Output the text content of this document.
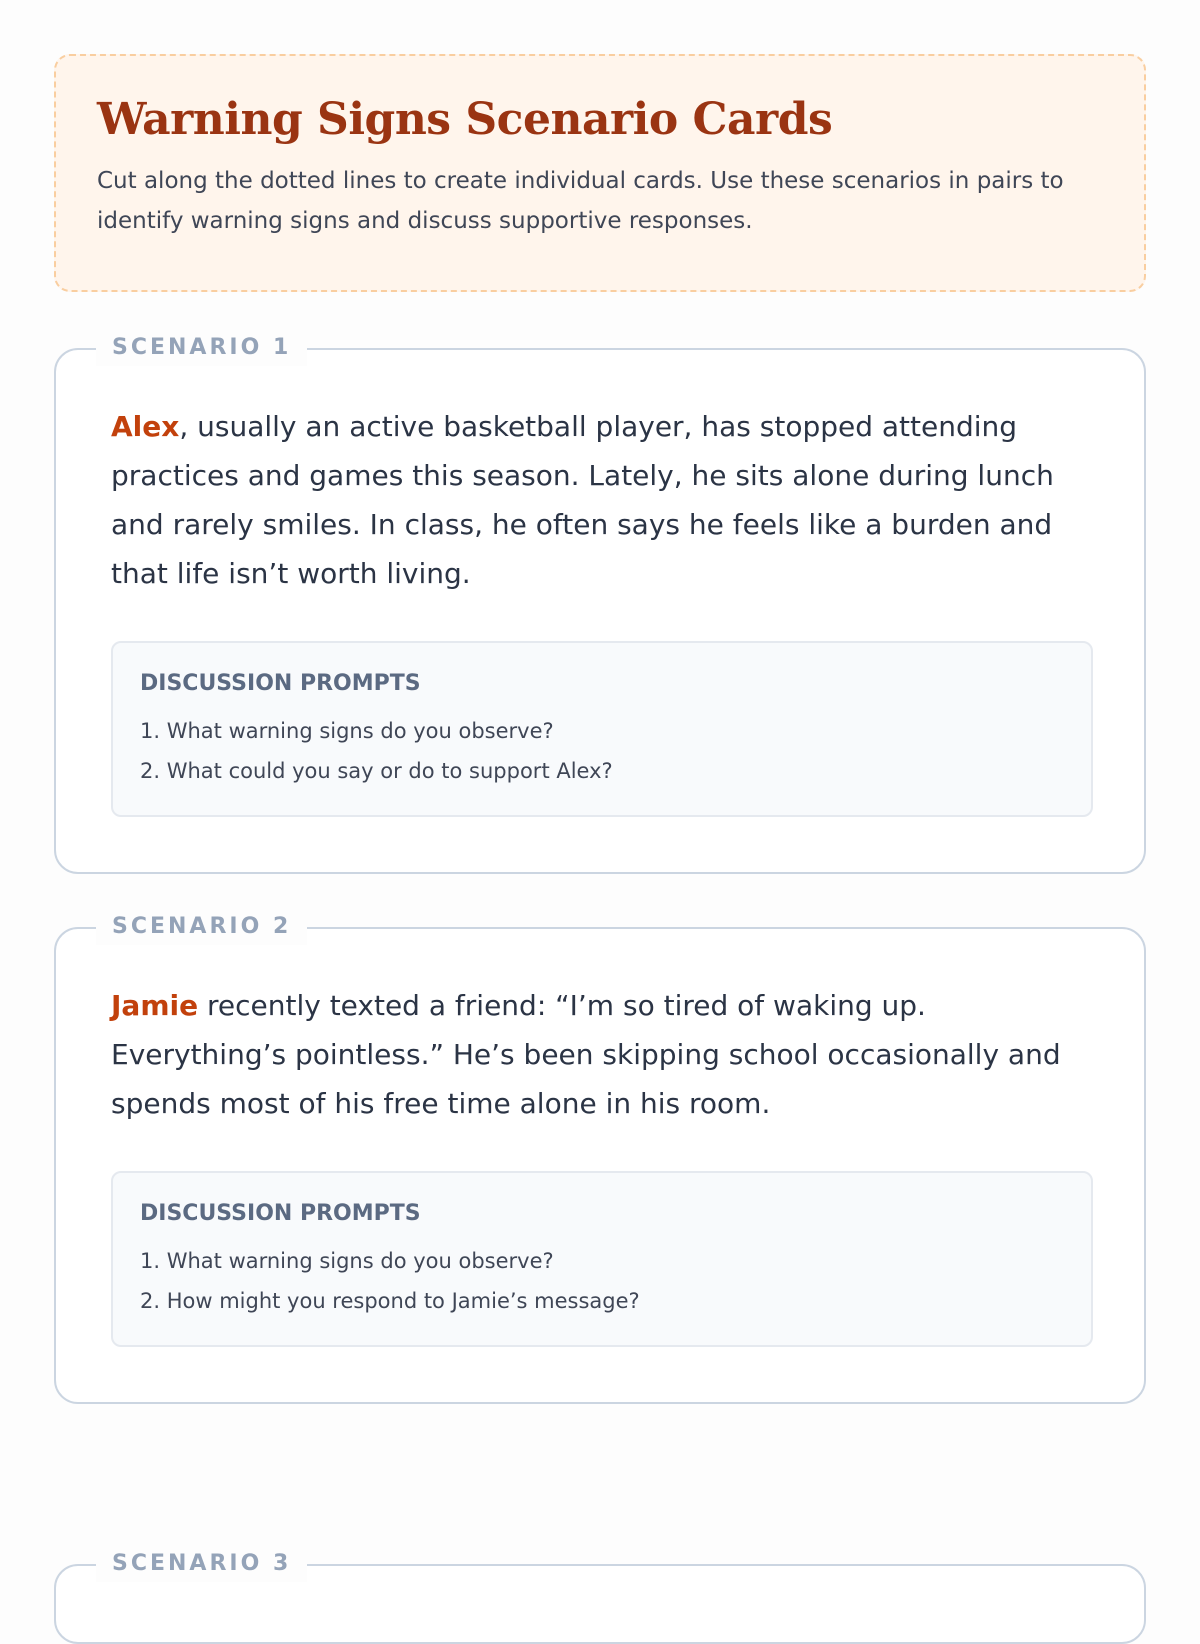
Warning Signs Scenario Cards

Cut along the dotted lines to create individual cards. Use these scenarios in pairs to identify warning signs and discuss supportive responses.

SCENARIO 1

Alex, usually an active basketball player, has stopped attending practices and games this season. Lately, he sits alone during lunch and rarely smiles. In class, he often says he feels like a burden and that life isn’t worth living.

DISCUSSION PROMPTS
1. What warning signs do you observe?
2. What could you say or do to support Alex?
SCENARIO 2

Jamie recently texted a friend: “I’m so tired of waking up. Everything’s pointless.” He’s been skipping school occasionally and spends most of his free time alone in his room.

DISCUSSION PROMPTS
1. What warning signs do you observe?
2. How might you respond to Jamie’s message?
SCENARIO 3
